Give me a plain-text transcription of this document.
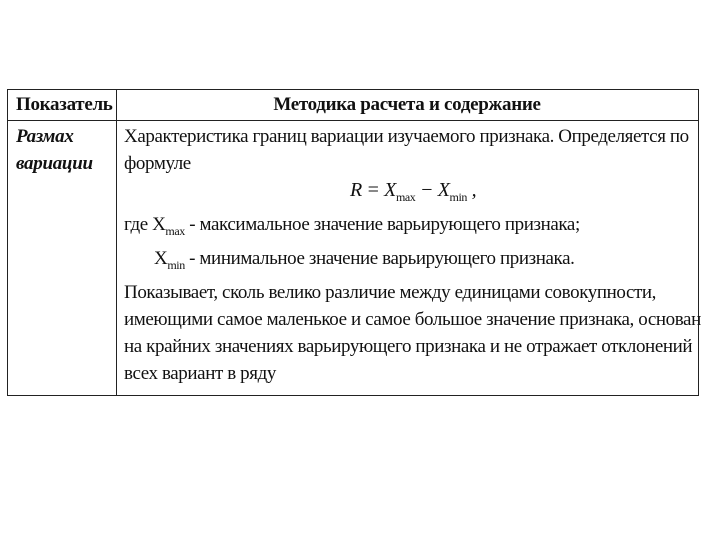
Показатель	Методика расчета и содержание
Размах
вариации
Характеристика границ вариации изучаемого признака. Определяется по
формуле
$R = X_{max} - X_{min}$ ,
где $X_{max}$ - максимальное значение варьирующего признака;
$X_{min}$ - минимальное значение варьирующего признака.
Показывает, сколь велико различие между единицами совокупности,
имеющими самое маленькое и самое большое значение признака, основан
на крайних значениях варьирующего признака и не отражает отклонений
всех вариант в ряду
